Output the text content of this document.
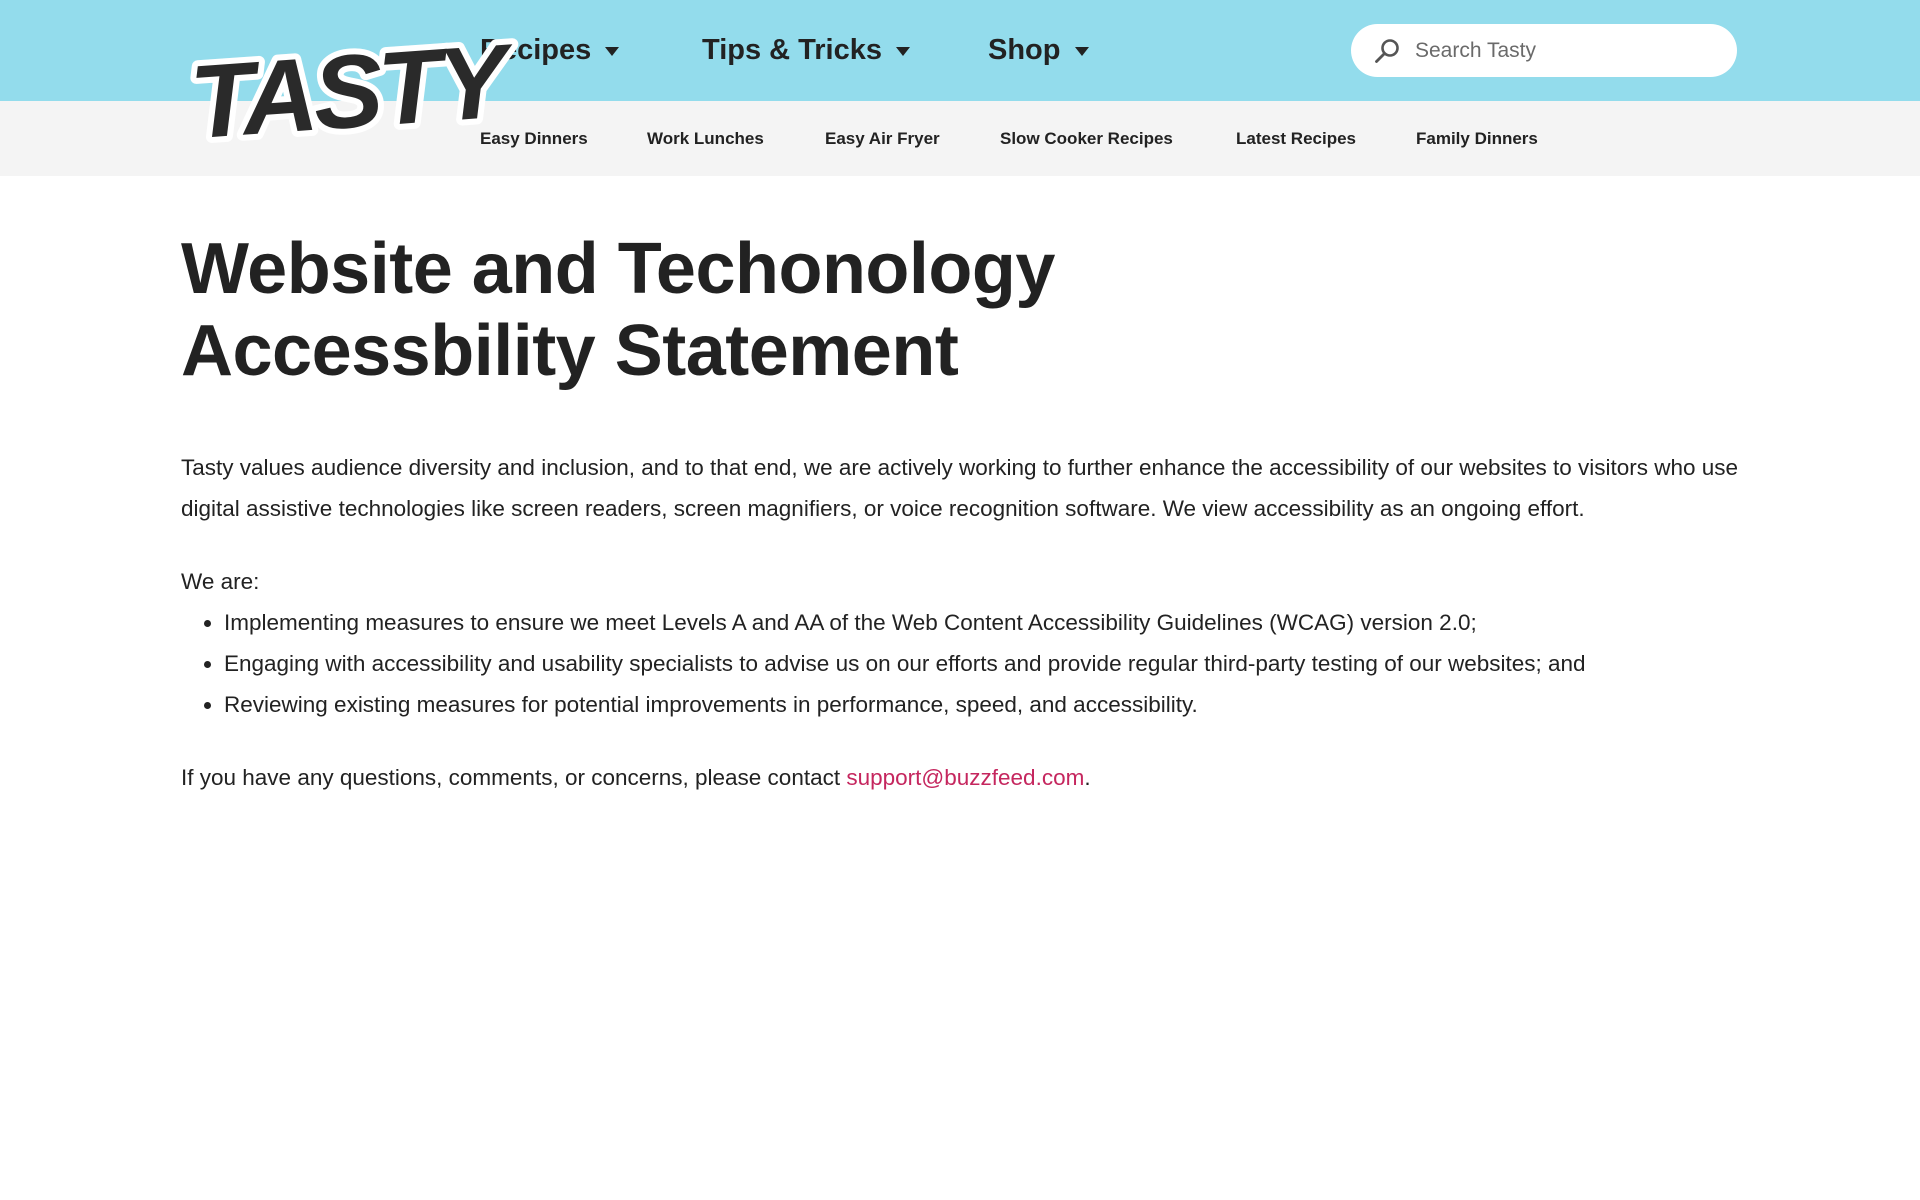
TASTY
Recipes	Tips & Tricks	Shop
Search Tasty
Easy Dinners	Work Lunches	Easy Air Fryer	Slow Cooker Recipes	Latest Recipes	Family Dinners
Website and Techonology
Accessbility Statement

Tasty values audience diversity and inclusion, and to that end, we are actively working to further enhance the accessibility of our websites to visitors who use digital assistive technologies like screen readers, screen magnifiers, or voice recognition software. We view accessibility as an ongoing effort.

We are:

Implementing measures to ensure we meet Levels A and AA of the Web Content Accessibility Guidelines (WCAG) version 2.0;
Engaging with accessibility and usability specialists to advise us on our efforts and provide regular third-party testing of our websites; and
Reviewing existing measures for potential improvements in performance, speed, and accessibility.

If you have any questions, comments, or concerns, please contact support@buzzfeed.com.
